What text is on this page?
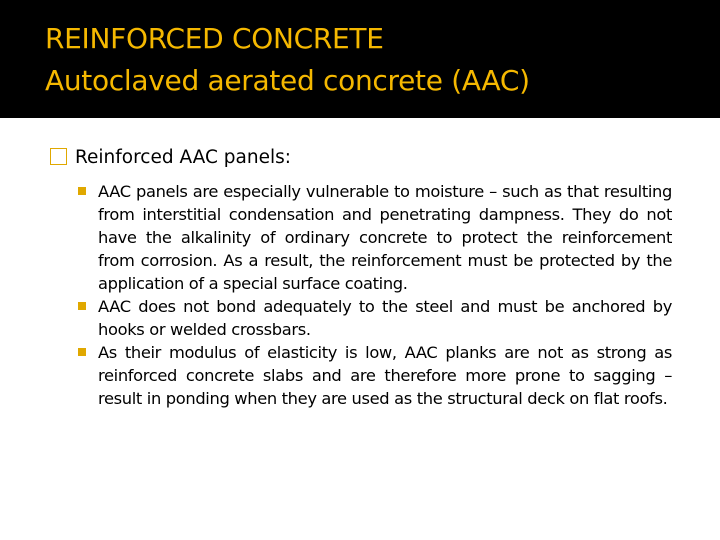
REINFORCED CONCRETE
Autoclaved aerated concrete (AAC)
Reinforced AAC panels:
AAC panels are especially vulnerable to moisture – such as that resulting from interstitial condensation and penetrating dampness. They do not have the alkalinity of ordinary concrete to protect the reinforcement from corrosion. As a result, the reinforcement must be protected by the application of a special surface coating.
AAC does not bond adequately to the steel and must be anchored by hooks or welded crossbars.
As their modulus of elasticity is low, AAC planks are not as strong as reinforced concrete slabs and are therefore more prone to sagging – result in ponding when they are used as the structural deck on flat roofs.
